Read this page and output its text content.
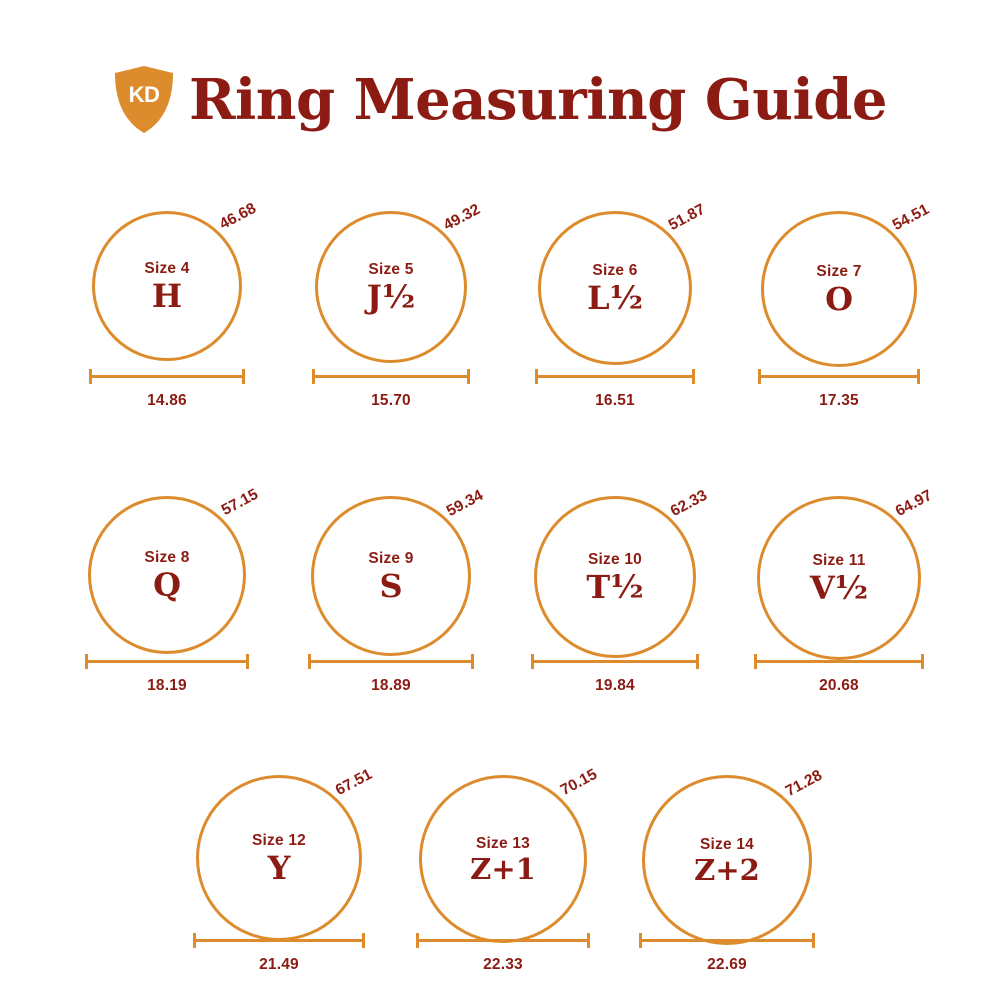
KD Ring Measuring Guide
Size 4
H
46.68
14.86
Size 5
J½
49.32
15.70
Size 6
L½
51.87
16.51
Size 7
O
54.51
17.35
Size 8
Q
57.15
18.19
Size 9
S
59.34
18.89
Size 10
T½
62.33
19.84
Size 11
V½
64.97
20.68
Size 12
Y
67.51
21.49
Size 13
Z+1
70.15
22.33
Size 14
Z+2
71.28
22.69
